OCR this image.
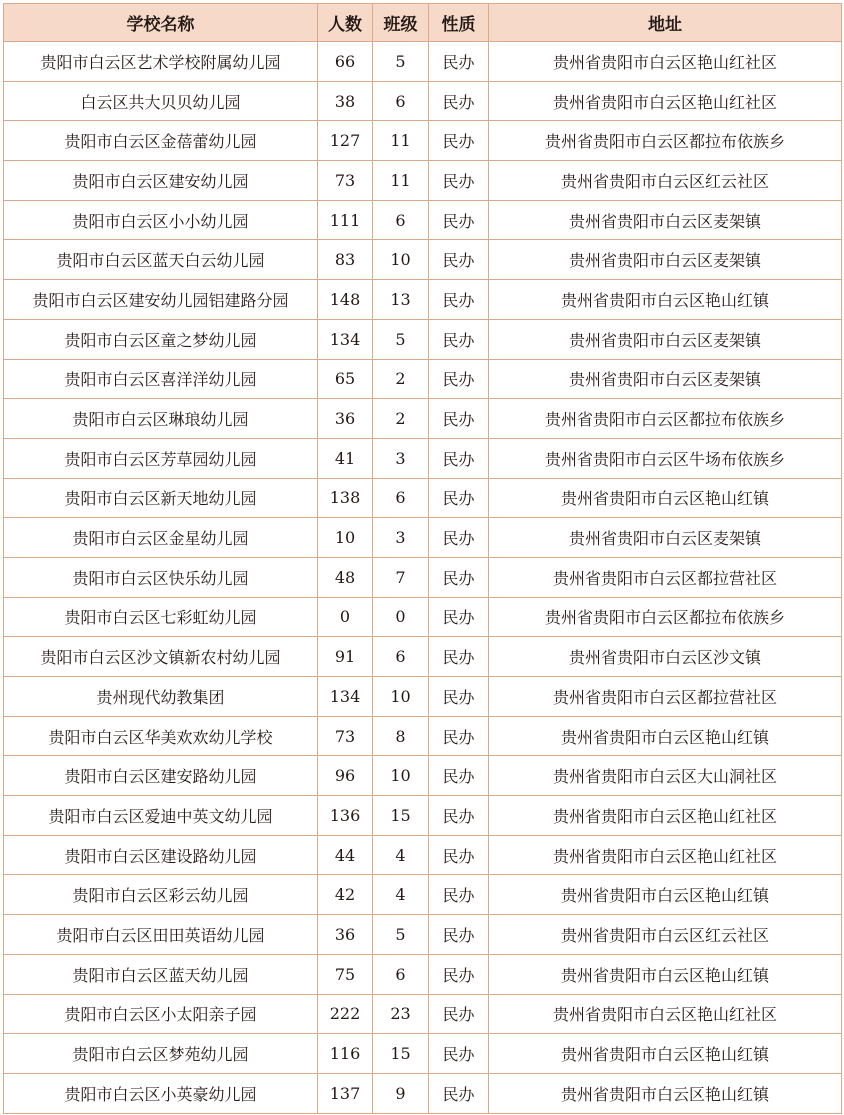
学校名称	人数	班级	性质	地址
贵阳市白云区艺术学校附属幼儿园	66	5	民办	贵州省贵阳市白云区艳山红社区
白云区共大贝贝幼儿园	38	6	民办	贵州省贵阳市白云区艳山红社区
贵阳市白云区金蓓蕾幼儿园	127	11	民办	贵州省贵阳市白云区都拉布依族乡
贵阳市白云区建安幼儿园	73	11	民办	贵州省贵阳市白云区红云社区
贵阳市白云区小小幼儿园	111	6	民办	贵州省贵阳市白云区麦架镇
贵阳市白云区蓝天白云幼儿园	83	10	民办	贵州省贵阳市白云区麦架镇
贵阳市白云区建安幼儿园铝建路分园	148	13	民办	贵州省贵阳市白云区艳山红镇
贵阳市白云区童之梦幼儿园	134	5	民办	贵州省贵阳市白云区麦架镇
贵阳市白云区喜洋洋幼儿园	65	2	民办	贵州省贵阳市白云区麦架镇
贵阳市白云区琳琅幼儿园	36	2	民办	贵州省贵阳市白云区都拉布依族乡
贵阳市白云区芳草园幼儿园	41	3	民办	贵州省贵阳市白云区牛场布依族乡
贵阳市白云区新天地幼儿园	138	6	民办	贵州省贵阳市白云区艳山红镇
贵阳市白云区金星幼儿园	10	3	民办	贵州省贵阳市白云区麦架镇
贵阳市白云区快乐幼儿园	48	7	民办	贵州省贵阳市白云区都拉营社区
贵阳市白云区七彩虹幼儿园	0	0	民办	贵州省贵阳市白云区都拉布依族乡
贵阳市白云区沙文镇新农村幼儿园	91	6	民办	贵州省贵阳市白云区沙文镇
贵州现代幼教集团	134	10	民办	贵州省贵阳市白云区都拉营社区
贵阳市白云区华美欢欢幼儿学校	73	8	民办	贵州省贵阳市白云区艳山红镇
贵阳市白云区建安路幼儿园	96	10	民办	贵州省贵阳市白云区大山洞社区
贵阳市白云区爱迪中英文幼儿园	136	15	民办	贵州省贵阳市白云区艳山红社区
贵阳市白云区建设路幼儿园	44	4	民办	贵州省贵阳市白云区艳山红社区
贵阳市白云区彩云幼儿园	42	4	民办	贵州省贵阳市白云区艳山红镇
贵阳市白云区田田英语幼儿园	36	5	民办	贵州省贵阳市白云区红云社区
贵阳市白云区蓝天幼儿园	75	6	民办	贵州省贵阳市白云区艳山红镇
贵阳市白云区小太阳亲子园	222	23	民办	贵州省贵阳市白云区艳山红社区
贵阳市白云区梦苑幼儿园	116	15	民办	贵州省贵阳市白云区艳山红镇
贵阳市白云区小英豪幼儿园	137	9	民办	贵州省贵阳市白云区艳山红镇
